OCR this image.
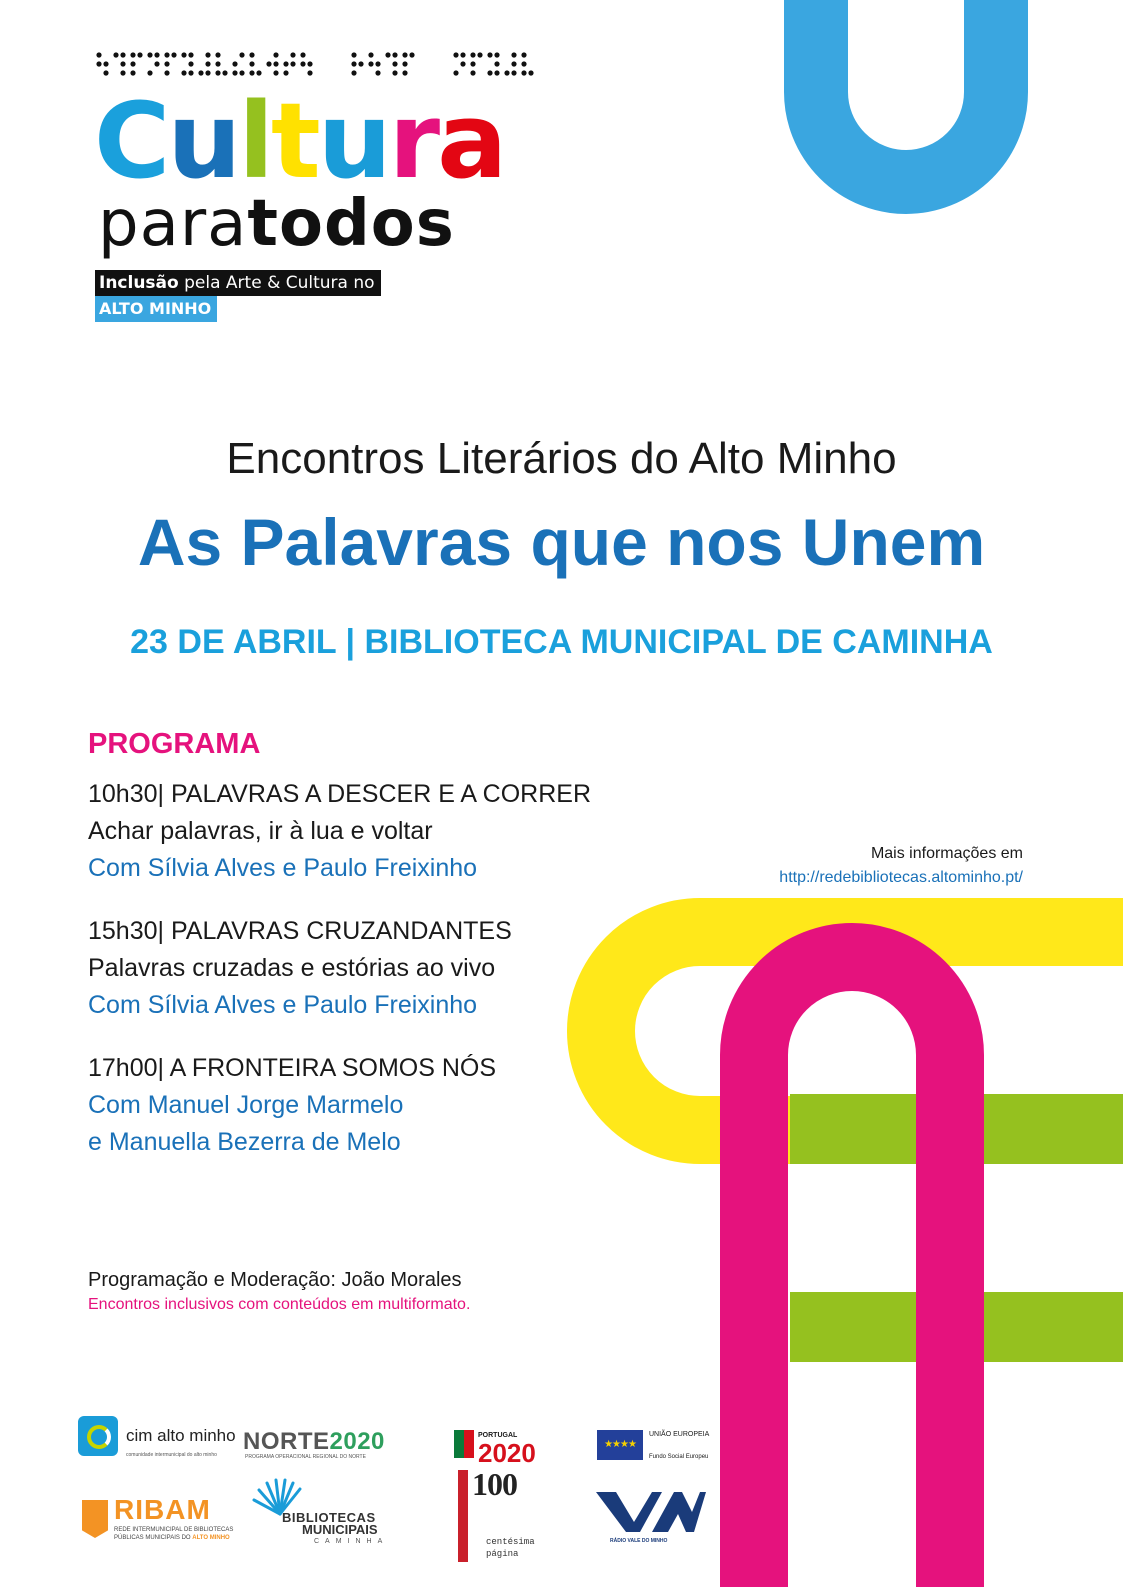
Cultura
paratodos
Inclusão pela Arte & Cultura no
ALTO MINHO
Encontros Literários do Alto Minho
As Palavras que nos Unem
23 DE ABRIL | BIBLIOTECA MUNICIPAL DE CAMINHA
PROGRAMA
10h30| PALAVRAS A DESCER E A CORRER
Achar palavras, ir à lua e voltar
Com Sílvia Alves e Paulo Freixinho
15h30| PALAVRAS CRUZANDANTES
Palavras cruzadas e estórias ao vivo
Com Sílvia Alves e Paulo Freixinho
17h00| A FRONTEIRA SOMOS NÓS
Com Manuel Jorge Marmelo
e Manuella Bezerra de Melo
Programação e Moderação: João Morales
Encontros inclusivos com conteúdos em multiformato.
Mais informações em
http://redebibliotecas.altominho.pt/
cim alto minho
comunidade intermunicipal do alto minho NORTE2020
PROGRAMA OPERACIONAL REGIONAL DO NORTE
PORTUGAL
2020	★★★★
UNIÃO EUROPEIA
Fundo Social Europeu
RIBAM
REDE INTERMUNICIPAL DE BIBLIOTECAS PÚBLICAS MUNICIPAIS DO ALTO MINHO
BIBLIOTECAS
MUNICIPAIS
CAMINHA
100
centésima
página
RÁDIO VALE DO MINHO
